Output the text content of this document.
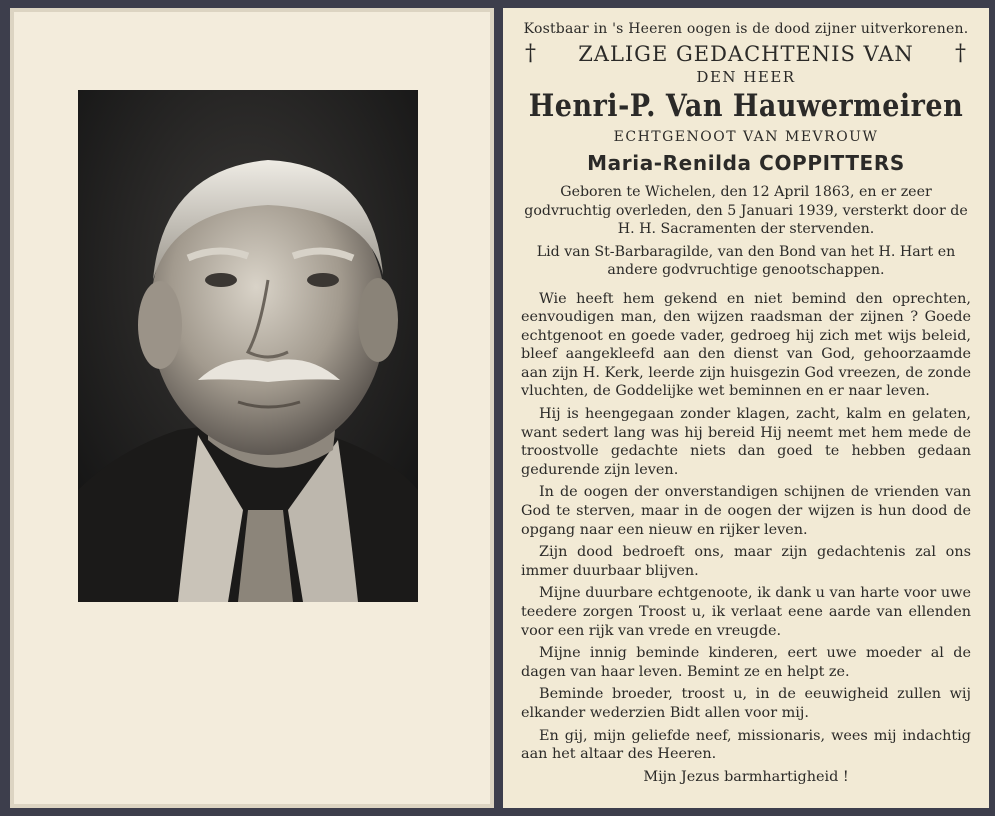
Kostbaar in 's Heeren oogen is de dood zijner uitverkorenen.
† ZALIGE GEDACHTENIS VAN †
DEN HEER
Henri-P. Van Hauwermeiren
ECHTGENOOT VAN MEVROUW
Maria-Renilda COPPITTERS

Geboren te Wichelen, den 12 April 1863, en er zeer godvruchtig overleden, den 5 Januari 1939, versterkt door de H. H. Sacramenten der stervenden.

Lid van St-Barbaragilde, van den Bond van het H. Hart en andere godvruchtige genootschappen.

Wie heeft hem gekend en niet bemind den oprechten, eenvoudigen man, den wijzen raadsman der zijnen ? Goede echtgenoot en goede vader, gedroeg hij zich met wijs beleid, bleef aangekleefd aan den dienst van God, gehoorzaamde aan zijn H. Kerk, leerde zijn huisgezin God vreezen, de zonde vluchten, de Goddelijke wet beminnen en er naar leven.

Hij is heengegaan zonder klagen, zacht, kalm en gelaten, want sedert lang was hij bereid Hij neemt met hem mede de troostvolle gedachte niets dan goed te hebben gedaan gedurende zijn leven.

In de oogen der onverstandigen schijnen de vrienden van God te sterven, maar in de oogen der wijzen is hun dood de opgang naar een nieuw en rijker leven.

Zijn dood bedroeft ons, maar zijn gedachtenis zal ons immer duurbaar blijven.

Mijne duurbare echtgenoote, ik dank u van harte voor uwe teedere zorgen Troost u, ik verlaat eene aarde van ellenden voor een rijk van vrede en vreugde.

Mijne innig beminde kinderen, eert uwe moeder al de dagen van haar leven. Bemint ze en helpt ze.

Beminde broeder, troost u, in de eeuwigheid zullen wij elkander wederzien Bidt allen voor mij.

En gij, mijn geliefde neef, missionaris, wees mij indachtig aan het altaar des Heeren.

Mijn Jezus barmhartigheid !
